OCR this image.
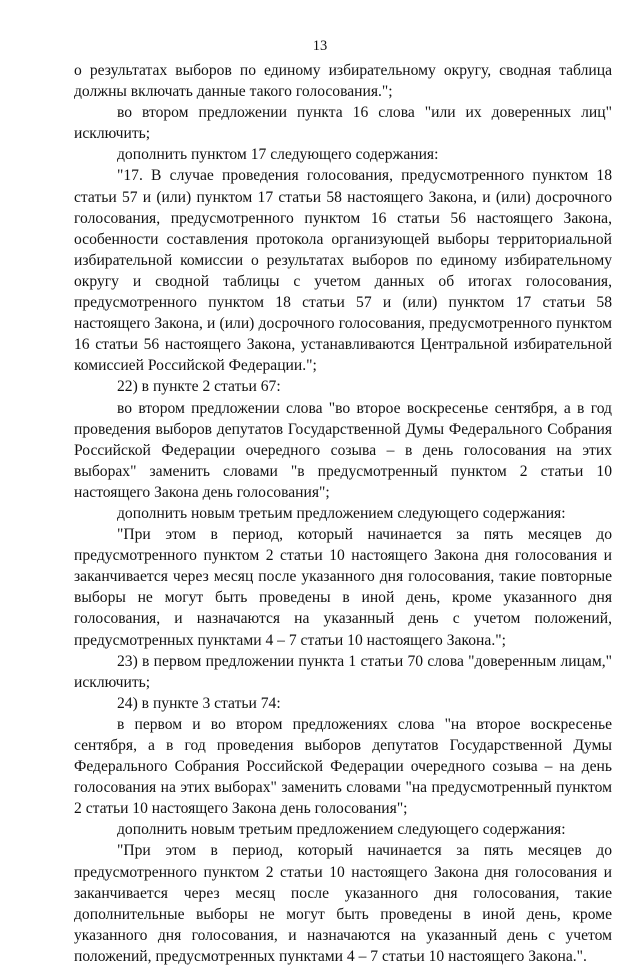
13

о результатах выборов по единому избирательному округу, сводная таблица должны включать данные такого голосования.";

во втором предложении пункта 16 слова "или их доверенных лиц" исключить;

дополнить пунктом 17 следующего содержания:

"17. В случае проведения голосования, предусмотренного пунктом 18 статьи 57 и (или) пунктом 17 статьи 58 настоящего Закона, и (или) досрочного голосования, предусмотренного пунктом 16 статьи 56 настоящего Закона, особенности составления протокола организующей выборы территориальной избирательной комиссии о результатах выборов по единому избирательному округу и сводной таблицы с учетом данных об итогах голосования, предусмотренного пунктом 18 статьи 57 и (или) пунктом 17 статьи 58 настоящего Закона, и (или) досрочного голосования, предусмотренного пунктом 16 статьи 56 настоящего Закона, устанавливаются Центральной избирательной комиссией Российской Федерации.";

22) в пункте 2 статьи 67:

во втором предложении слова "во второе воскресенье сентября, а в год проведения выборов депутатов Государственной Думы Федерального Собрания Российской Федерации очередного созыва – в день голосования на этих выборах" заменить словами "в предусмотренный пунктом 2 статьи 10 настоящего Закона день голосования";

дополнить новым третьим предложением следующего содержания:

"При этом в период, который начинается за пять месяцев до предусмотренного пунктом 2 статьи 10 настоящего Закона дня голосования и заканчивается через месяц после указанного дня голосования, такие повторные выборы не могут быть проведены в иной день, кроме указанного дня голосования, и назначаются на указанный день с учетом положений, предусмотренных пунктами 4 – 7 статьи 10 настоящего Закона.";

23) в первом предложении пункта 1 статьи 70 слова "доверенным лицам," исключить;

24) в пункте 3 статьи 74:

в первом и во втором предложениях слова "на второе воскресенье сентября, а в год проведения выборов депутатов Государственной Думы Федерального Собрания Российской Федерации очередного созыва – на день голосования на этих выборах" заменить словами "на предусмотренный пунктом 2 статьи 10 настоящего Закона день голосования";

дополнить новым третьим предложением следующего содержания:

"При этом в период, который начинается за пять месяцев до предусмотренного пунктом 2 статьи 10 настоящего Закона дня голосования и заканчивается через месяц после указанного дня голосования, такие дополнительные выборы не могут быть проведены в иной день, кроме указанного дня голосования, и назначаются на указанный день с учетом положений, предусмотренных пунктами 4 – 7 статьи 10 настоящего Закона.".
